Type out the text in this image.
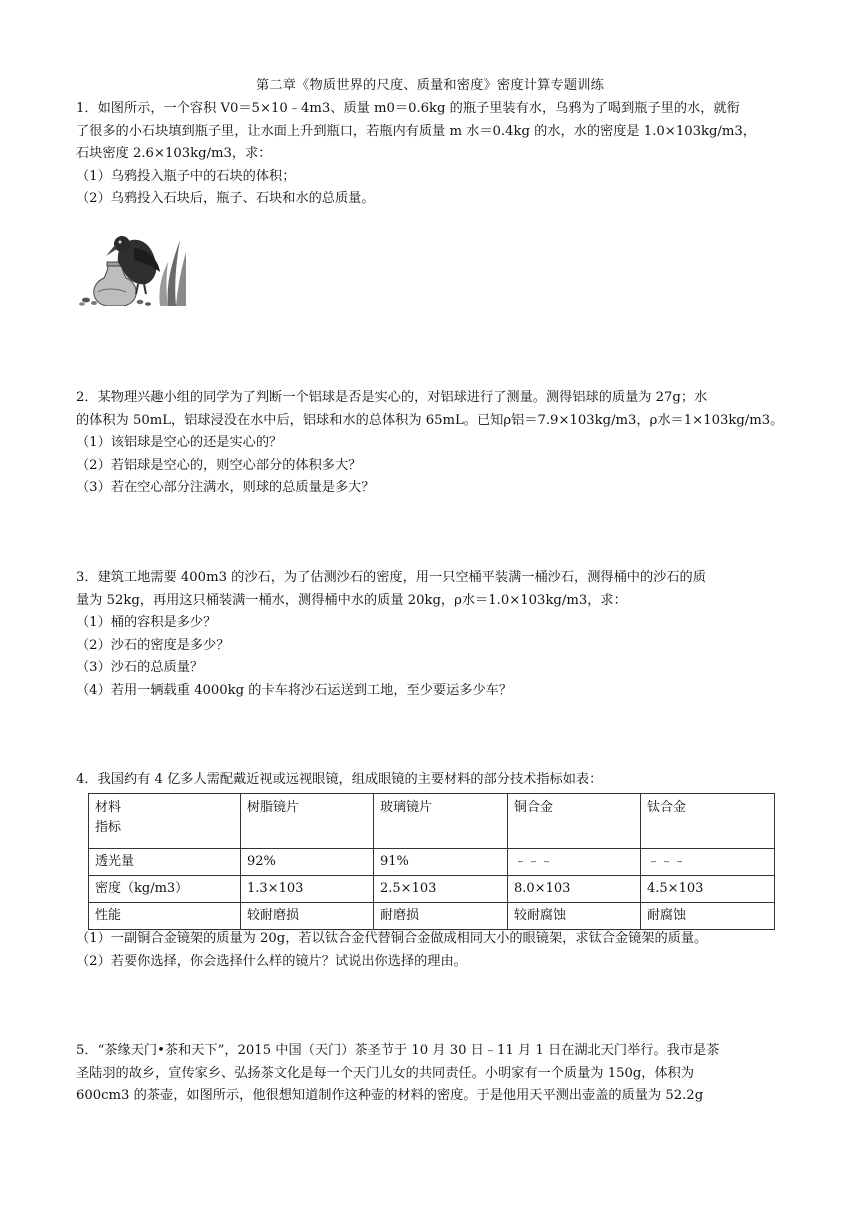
第二章《物质世界的尺度、质量和密度》密度计算专题训练
1．如图所示，一个容积 V0＝5×10﹣4m3、质量 m0＝0.6kg 的瓶子里装有水，乌鸦为了喝到瓶子里的水，就衔
了很多的小石块填到瓶子里，让水面上升到瓶口，若瓶内有质量 m 水＝0.4kg 的水，水的密度是 1.0×103kg/m3，
石块密度 2.6×103kg/m3，求：
（1）乌鸦投入瓶子中的石块的体积；
（2）乌鸦投入石块后，瓶子、石块和水的总质量。
2．某物理兴趣小组的同学为了判断一个铝球是否是实心的，对铝球进行了测量。测得铝球的质量为 27g；水
的体积为 50mL，铝球浸没在水中后，铝球和水的总体积为 65mL。已知ρ铝＝7.9×103kg/m3，ρ水＝1×103kg/m3。
（1）该铝球是空心的还是实心的？
（2）若铝球是空心的，则空心部分的体积多大？
（3）若在空心部分注满水，则球的总质量是多大？
3．建筑工地需要 400m3 的沙石，为了估测沙石的密度，用一只空桶平装满一桶沙石，测得桶中的沙石的质
量为 52kg，再用这只桶装满一桶水，测得桶中水的质量 20kg，ρ水＝1.0×103kg/m3，求：
（1）桶的容积是多少？
（2）沙石的密度是多少？
（3）沙石的总质量？
（4）若用一辆载重 4000kg 的卡车将沙石运送到工地，至少要运多少车？
4．我国约有 4 亿多人需配戴近视或远视眼镜，组成眼镜的主要材料的部分技术指标如表：
材料
指标	树脂镜片	玻璃镜片	铜合金	钛合金
透光量	92%	91%	﹣﹣﹣	﹣﹣﹣
密度（kg/m3）	1.3×103	2.5×103	8.0×103	4.5×103
性能	较耐磨损	耐磨损	较耐腐蚀	耐腐蚀
（1）一副铜合金镜架的质量为 20g，若以钛合金代替铜合金做成相同大小的眼镜架，求钛合金镜架的质量。
（2）若要你选择，你会选择什么样的镜片？试说出你选择的理由。
5．“茶缘天门•茶和天下”，2015 中国（天门）茶圣节于 10 月 30 日﹣11 月 1 日在湖北天门举行。我市是茶
圣陆羽的故乡，宣传家乡、弘扬茶文化是每一个天门儿女的共同责任。小明家有一个质量为 150g，体积为
600cm3 的茶壶，如图所示，他很想知道制作这种壶的材料的密度。于是他用天平测出壶盖的质量为 52.2g
